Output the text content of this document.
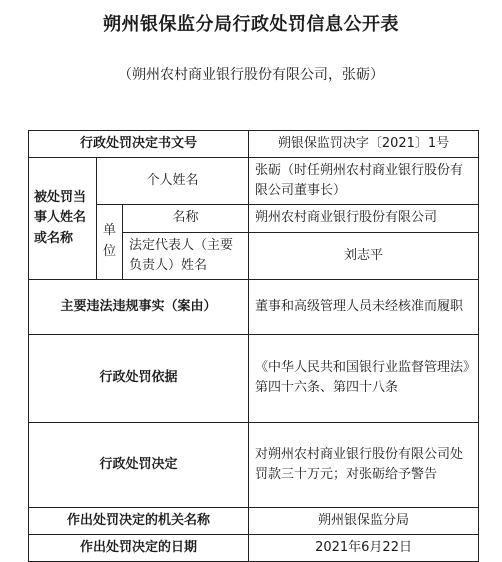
朔州银保监分局行政处罚信息公开表
（朔州农村商业银行股份有限公司，张砺）
行政处罚决定书文号			朔银保监罚决字〔2021〕1号
被处罚当事人姓名或名称	个人姓名		张砺（时任朔州农村商业银行股份有限公司董事长）
	单位	名称	朔州农村商业银行股份有限公司
		法定代表人（主要负责人）姓名	刘志平
主要违法违规事实（案由）			董事和高级管理人员未经核准而履职
行政处罚依据			《中华人民共和国银行业监督管理法》第四十六条、第四十八条
行政处罚决定			对朔州农村商业银行股份有限公司处罚款三十万元；对张砺给予警告
作出处罚决定的机关名称			朔州银保监分局
作出处罚决定的日期			2021年6月22日
